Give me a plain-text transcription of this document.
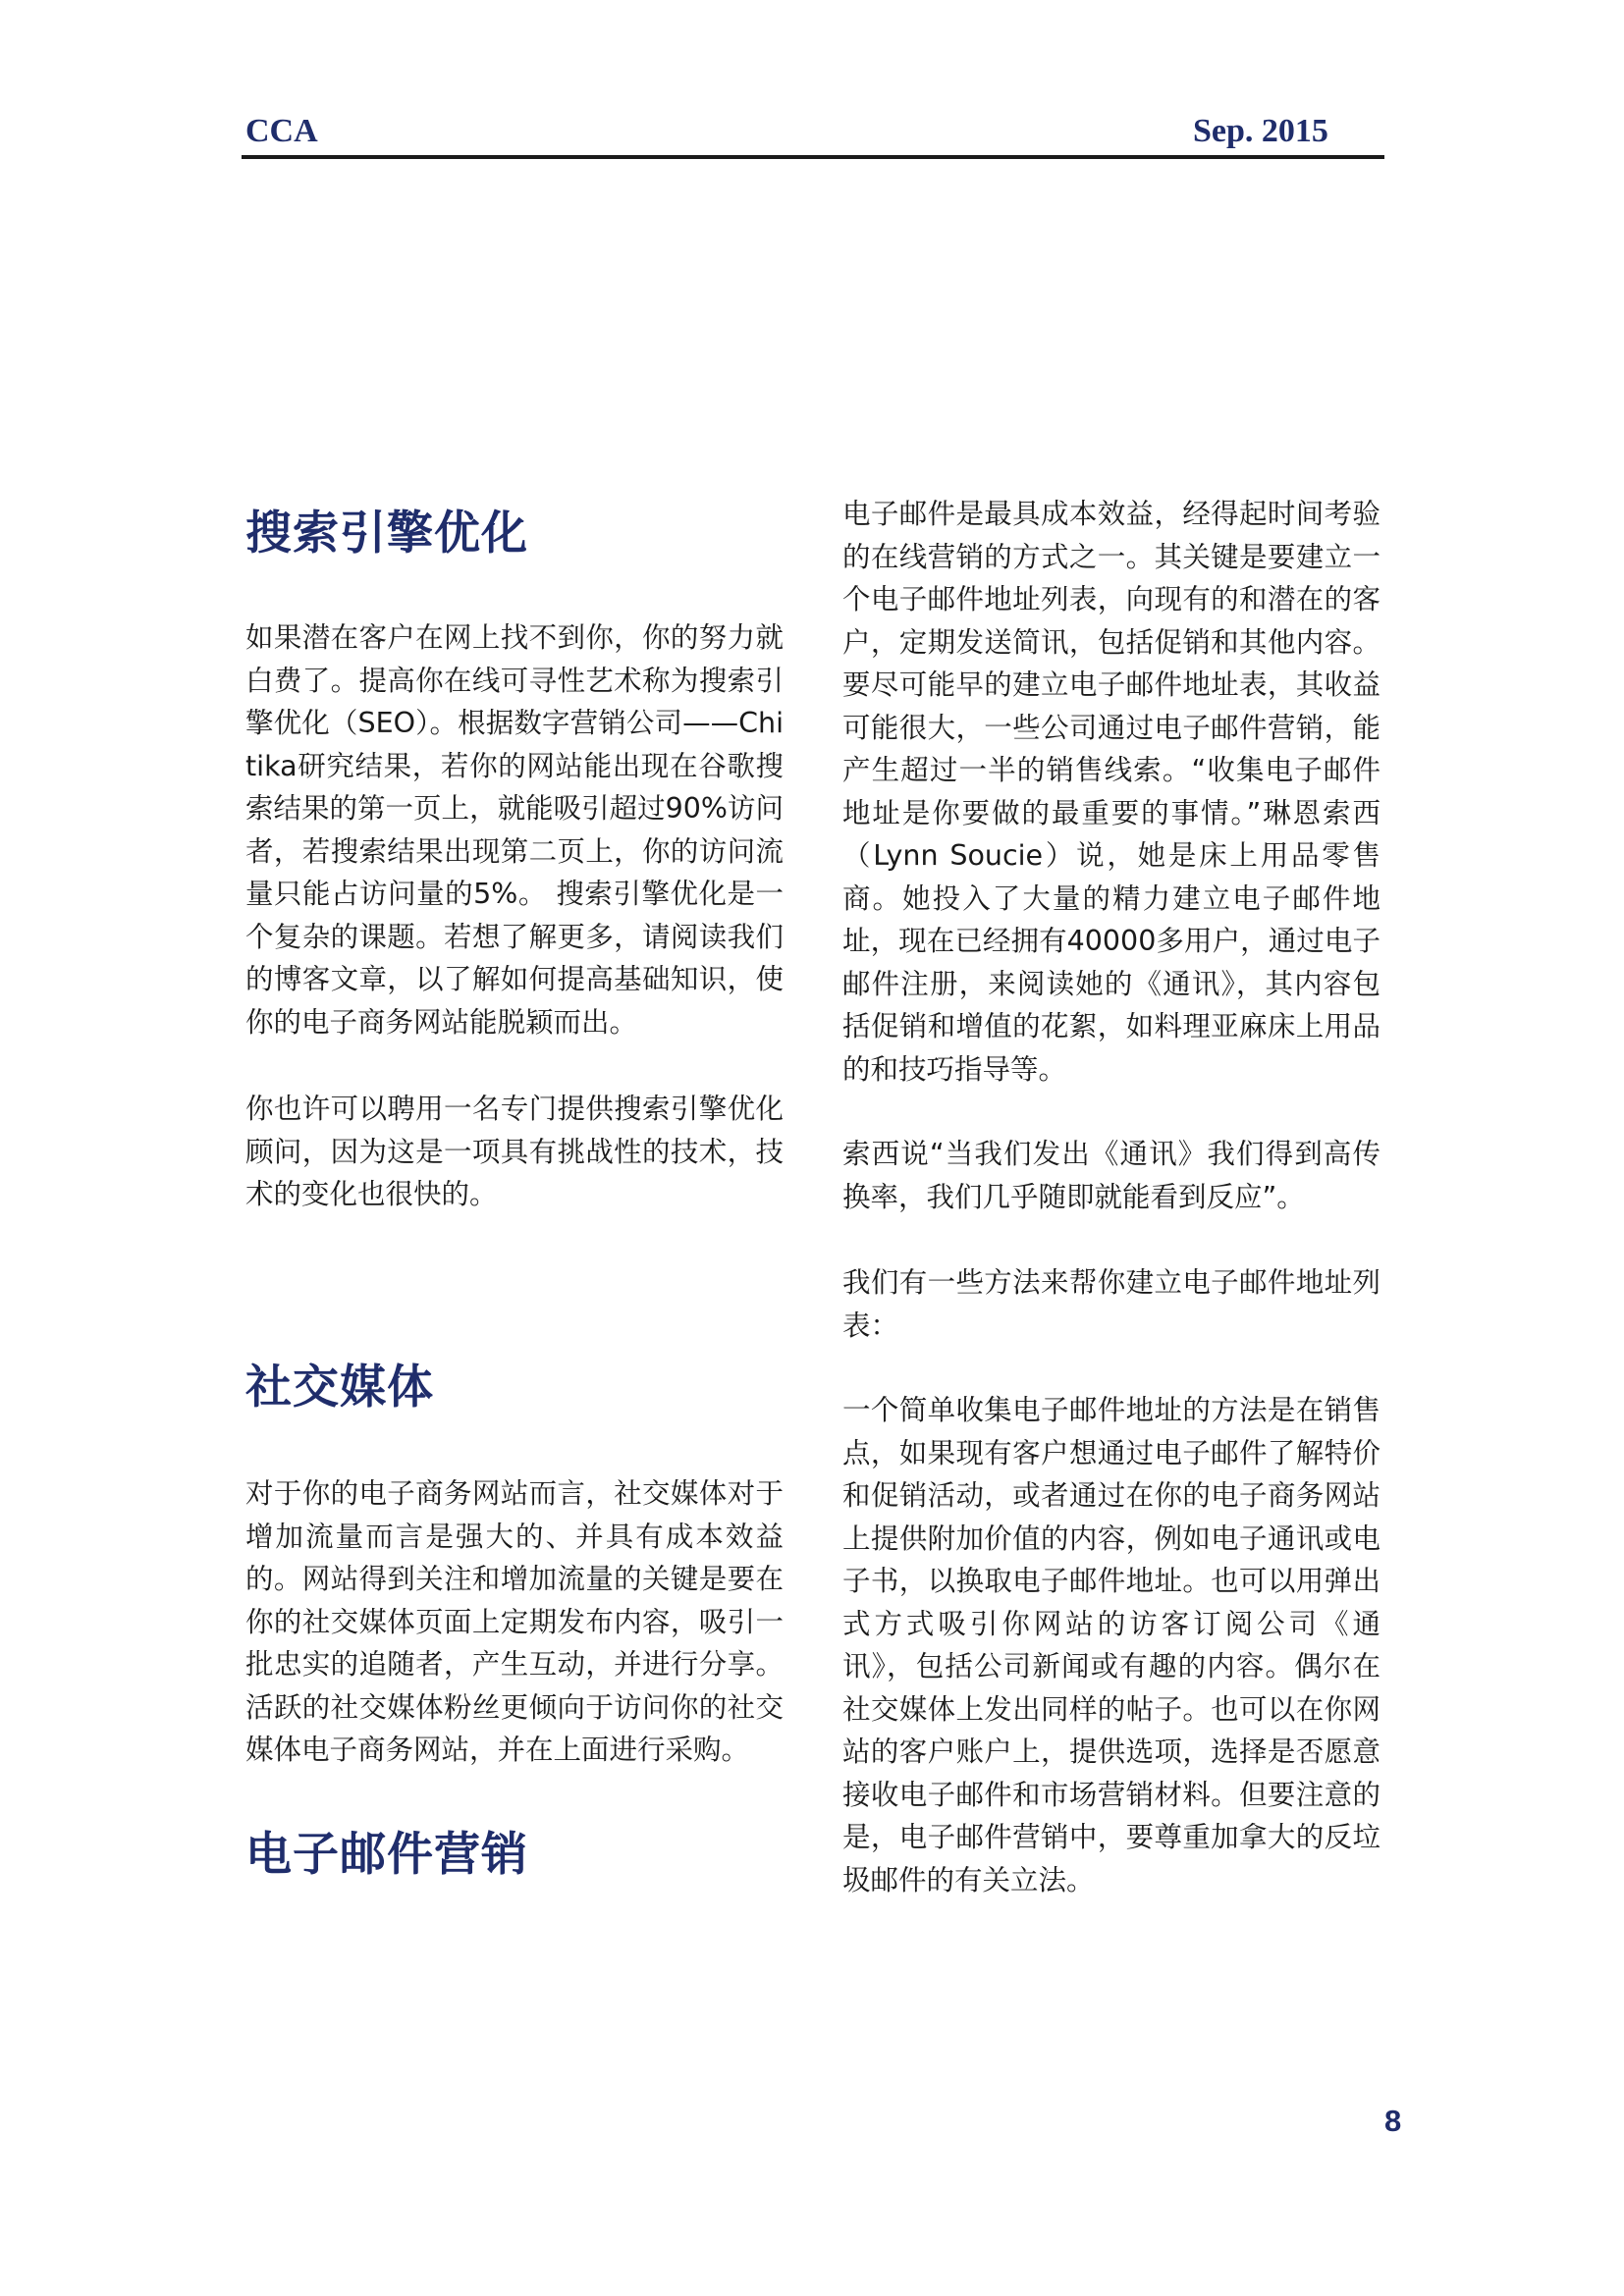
CCA	Sep. 2015
搜索引擎优化

如果潜在客户在网上找不到你，你的努力就白费了。提高你在线可寻性艺术称为搜索引擎优化（SEO）。根据数字营销公司——Chitika研究结果，若你的网站能出现在谷歌搜索结果的第一页上，就能吸引超过90%访问者，若搜索结果出现第二页上，你的访问流量只能占访问量的5%。 搜索引擎优化是一个复杂的课题。若想了解更多，请阅读我们的博客文章，以了解如何提高基础知识，使你的电子商务网站能脱颖而出。

你也许可以聘用一名专门提供搜索引擎优化顾问，因为这是一项具有挑战性的技术，技术的变化也很快的。

社交媒体

对于你的电子商务网站而言，社交媒体对于增加流量而言是强大的、并具有成本效益的。网站得到关注和增加流量的关键是要在你的社交媒体页面上定期发布内容，吸引一批忠实的追随者，产生互动，并进行分享。活跃的社交媒体粉丝更倾向于访问你的社交媒体电子商务网站，并在上面进行采购。

电子邮件营销

电子邮件是最具成本效益，经得起时间考验的在线营销的方式之一。其关键是要建立一个电子邮件地址列表，向现有的和潜在的客户，定期发送简讯，包括促销和其他内容。要尽可能早的建立电子邮件地址表，其收益可能很大，一些公司通过电子邮件营销，能产生超过一半的销售线索。“收集电子邮件地址是你要做的最重要的事情。”琳恩索西（Lynn Soucie）说，她是床上用品零售商。她投入了大量的精力建立电子邮件地址，现在已经拥有40000多用户，通过电子邮件注册，来阅读她的《通讯》，其内容包括促销和增值的花絮，如料理亚麻床上用品的和技巧指导等。

索西说“当我们发出《通讯》我们得到高传换率，我们几乎随即就能看到反应”。

我们有一些方法来帮你建立电子邮件地址列表：

一个简单收集电子邮件地址的方法是在销售点，如果现有客户想通过电子邮件了解特价和促销活动，或者通过在你的电子商务网站上提供附加价值的内容，例如电子通讯或电子书，以换取电子邮件地址。也可以用弹出式方式吸引你网站的访客订阅公司《通讯》，包括公司新闻或有趣的内容。偶尔在社交媒体上发出同样的帖子。也可以在你网站的客户账户上，提供选项，选择是否愿意接收电子邮件和市场营销材料。但要注意的是，电子邮件营销中，要尊重加拿大的反垃圾邮件的有关立法。

8
